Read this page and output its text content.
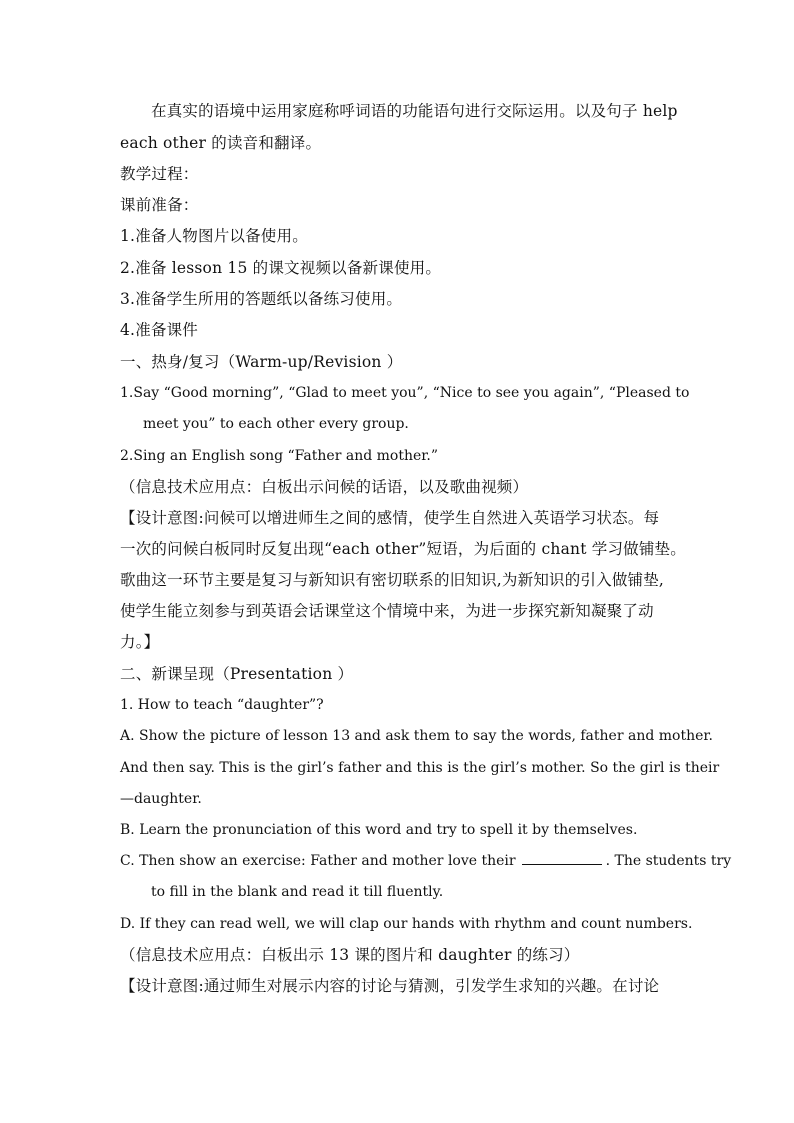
在真实的语境中运用家庭称呼词语的功能语句进行交际运用。以及句子 help
each other 的读音和翻译。
教学过程：
课前准备：
1.准备人物图片以备使用。
2.准备 lesson 15 的课文视频以备新课使用。
3.准备学生所用的答题纸以备练习使用。
4.准备课件
一、热身/复习（Warm-up/Revision ）
1.Say “Good morning”, “Glad to meet you”, “Nice to see you again”, “Pleased to
meet you” to each other every group.
2.Sing an English song “Father and mother.”
（信息技术应用点：白板出示问候的话语，以及歌曲视频）
【设计意图:问候可以增进师生之间的感情，使学生自然进入英语学习状态。每
一次的问候白板同时反复出现“each other”短语，为后面的 chant 学习做铺垫。
歌曲这一环节主要是复习与新知识有密切联系的旧知识,为新知识的引入做铺垫,
使学生能立刻参与到英语会话课堂这个情境中来，为进一步探究新知凝聚了动
力。】
二、新课呈现（Presentation ）
1. How to teach “daughter”?
A. Show the picture of lesson 13 and ask them to say the words, father and mother.
And then say. This is the girl’s father and this is the girl’s mother. So the girl is their
—daughter.
B. Learn the pronunciation of this word and try to spell it by themselves.
C. Then show an exercise: Father and mother love their	. The students try
to fill in the blank and read it till fluently.
D. If they can read well, we will clap our hands with rhythm and count numbers.
（信息技术应用点：白板出示 13 课的图片和 daughter 的练习）
【设计意图:通过师生对展示内容的讨论与猜测，引发学生求知的兴趣。在讨论
